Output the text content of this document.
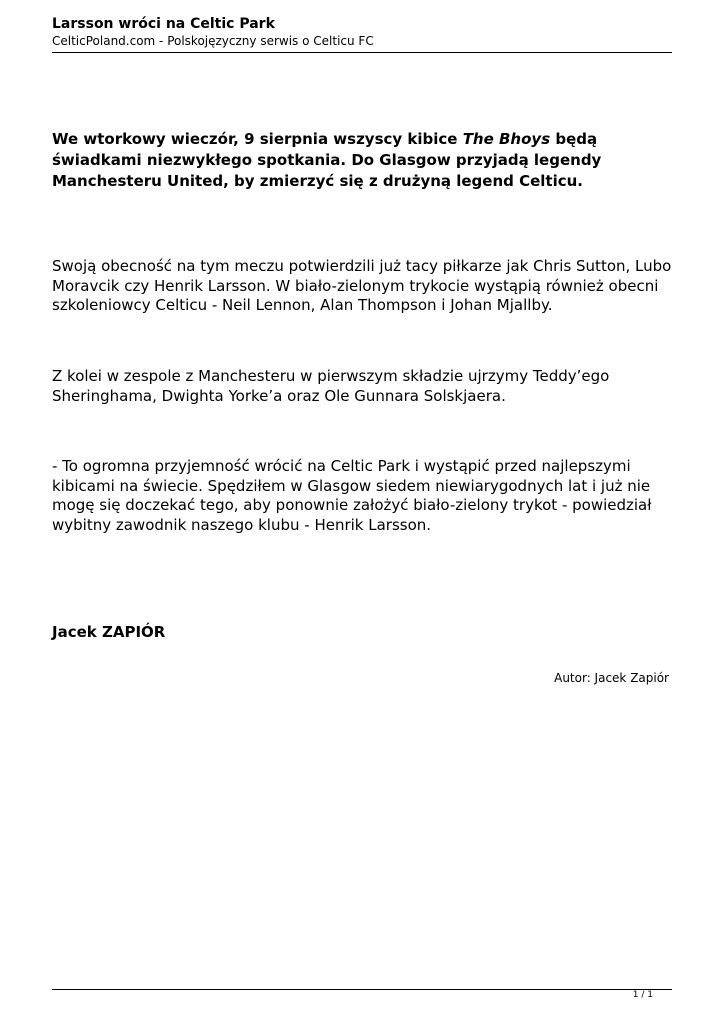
Larsson wróci na Celtic Park

CelticPoland.com - Polskojęzyczny serwis o Celticu FC

We wtorkowy wieczór, 9 sierpnia wszyscy kibice The Bhoys będą świadkami niezwykłego spotkania. Do Glasgow przyjadą legendy Manchesteru United, by zmierzyć się z drużyną legend Celticu.

Swoją obecność na tym meczu potwierdzili już tacy piłkarze jak Chris Sutton, Lubo Moravcik czy Henrik Larsson. W biało-zielonym trykocie wystąpią również obecni szkoleniowcy Celticu - Neil Lennon, Alan Thompson i Johan Mjallby.

Z kolei w zespole z Manchesteru w pierwszym składzie ujrzymy Teddy’ego Sheringhama, Dwighta Yorke’a oraz Ole Gunnara Solskjaera.

- To ogromna przyjemność wrócić na Celtic Park i wystąpić przed najlepszymi kibicami na świecie. Spędziłem w Glasgow siedem niewiarygodnych lat i już nie mogę się doczekać tego, aby ponownie założyć biało-zielony trykot - powiedział wybitny zawodnik naszego klubu - Henrik Larsson.

Jacek ZAPIÓR

Autor: Jacek Zapiór

1 / 1
